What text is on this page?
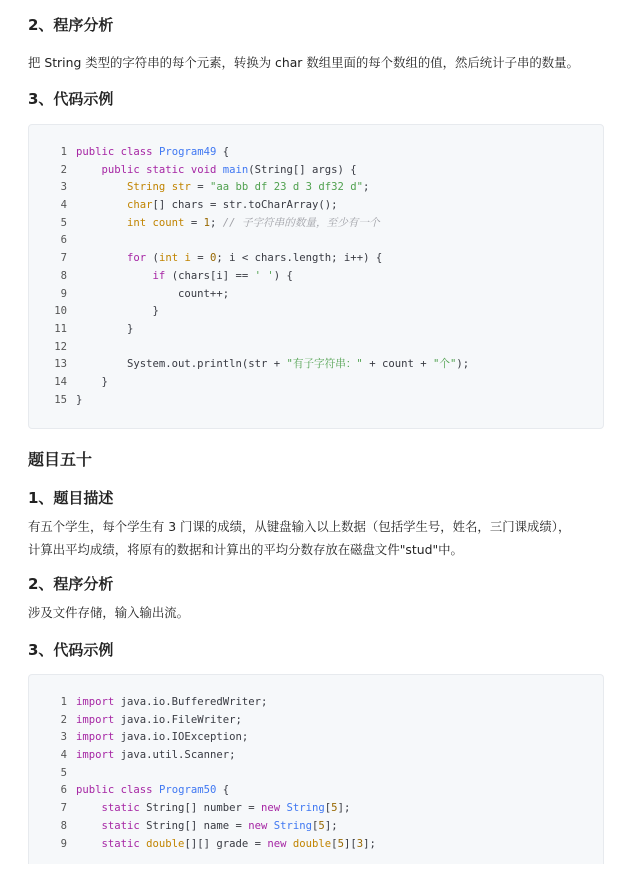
2、程序分析

把 String 类型的字符串的每个元素，转换为 char 数组里面的每个数组的值，然后统计子串的数量。

3、代码示例
1 public class Program49 {
2	public static void main(String[] args) {
3	String str = "aa bb df 23 d 3 df32 d";
4	char[] chars = str.toCharArray();
5	int count = 1; // 子字符串的数量，至少有一个
6
7	for (int i = 0; i < chars.length; i++) {
8	if (chars[i] == ' ') {
9 count++;
10 }
11 }
12
13 System.out.println(str + "有子字符串：" + count + "个");
14 }
15 }
题目五十
1、题目描述

有五个学生，每个学生有 3 门课的成绩，从键盘输入以上数据（包括学生号，姓名，三门课成绩），

计算出平均成绩，将原有的数据和计算出的平均分数存放在磁盘文件"stud"中。

2、程序分析

涉及文件存储，输入输出流。

3、代码示例
1 import java.io.BufferedWriter;
2 import java.io.FileWriter;
3 import java.io.IOException;
4 import java.util.Scanner;
5
6 public class Program50 {
7	static String[] number = new String[5];
8	static String[] name = new String[5];
9	static double[][] grade = new double[5][3];
